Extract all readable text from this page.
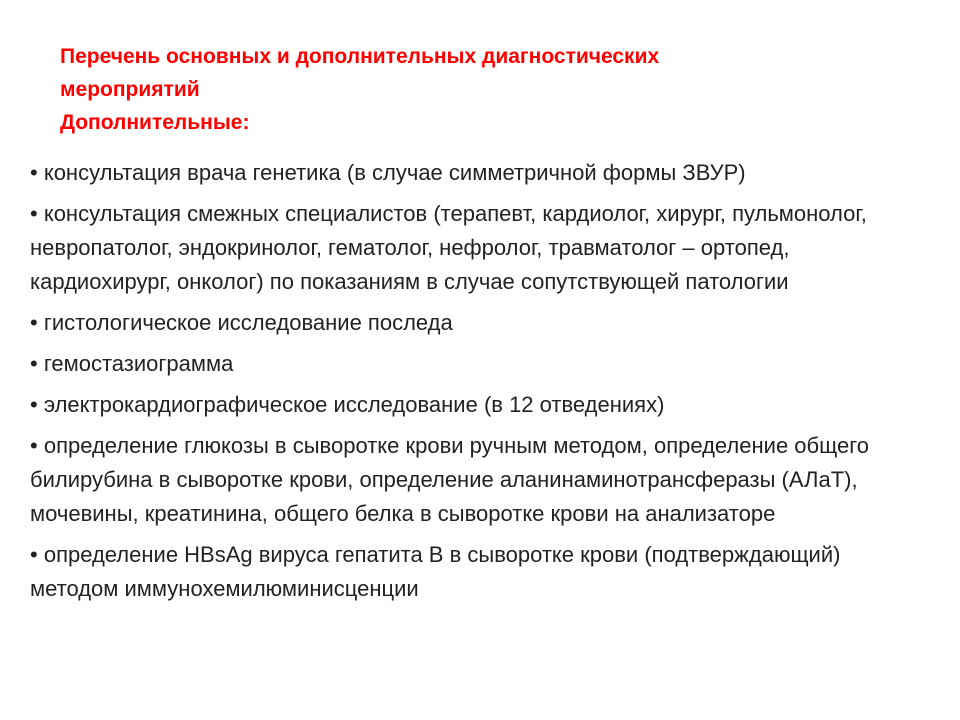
Перечень основных и дополнительных диагностических
мероприятий
Дополнительные:
• консультация врача генетика (в случае симметричной формы ЗВУР)
• консультация смежных специалистов (терапевт, кардиолог, хирург, пульмонолог, невропатолог, эндокринолог, гематолог, нефролог, травматолог – ортопед, кардиохирург, онколог) по показаниям в случае сопутствующей патологии
• гистологическое исследование последа
• гемостазиограмма
• электрокардиографическое исследование (в 12 отведениях)
• определение глюкозы в сыворотке крови ручным методом, определение общего билирубина в сыворотке крови, определение аланинаминотрансферазы (АЛаТ), мочевины, креатинина, общего белка в сыворотке крови на анализаторе
• определение HBsAg вируса гепатита В в сыворотке крови (подтверждающий) методом иммунохемилюминисценции
